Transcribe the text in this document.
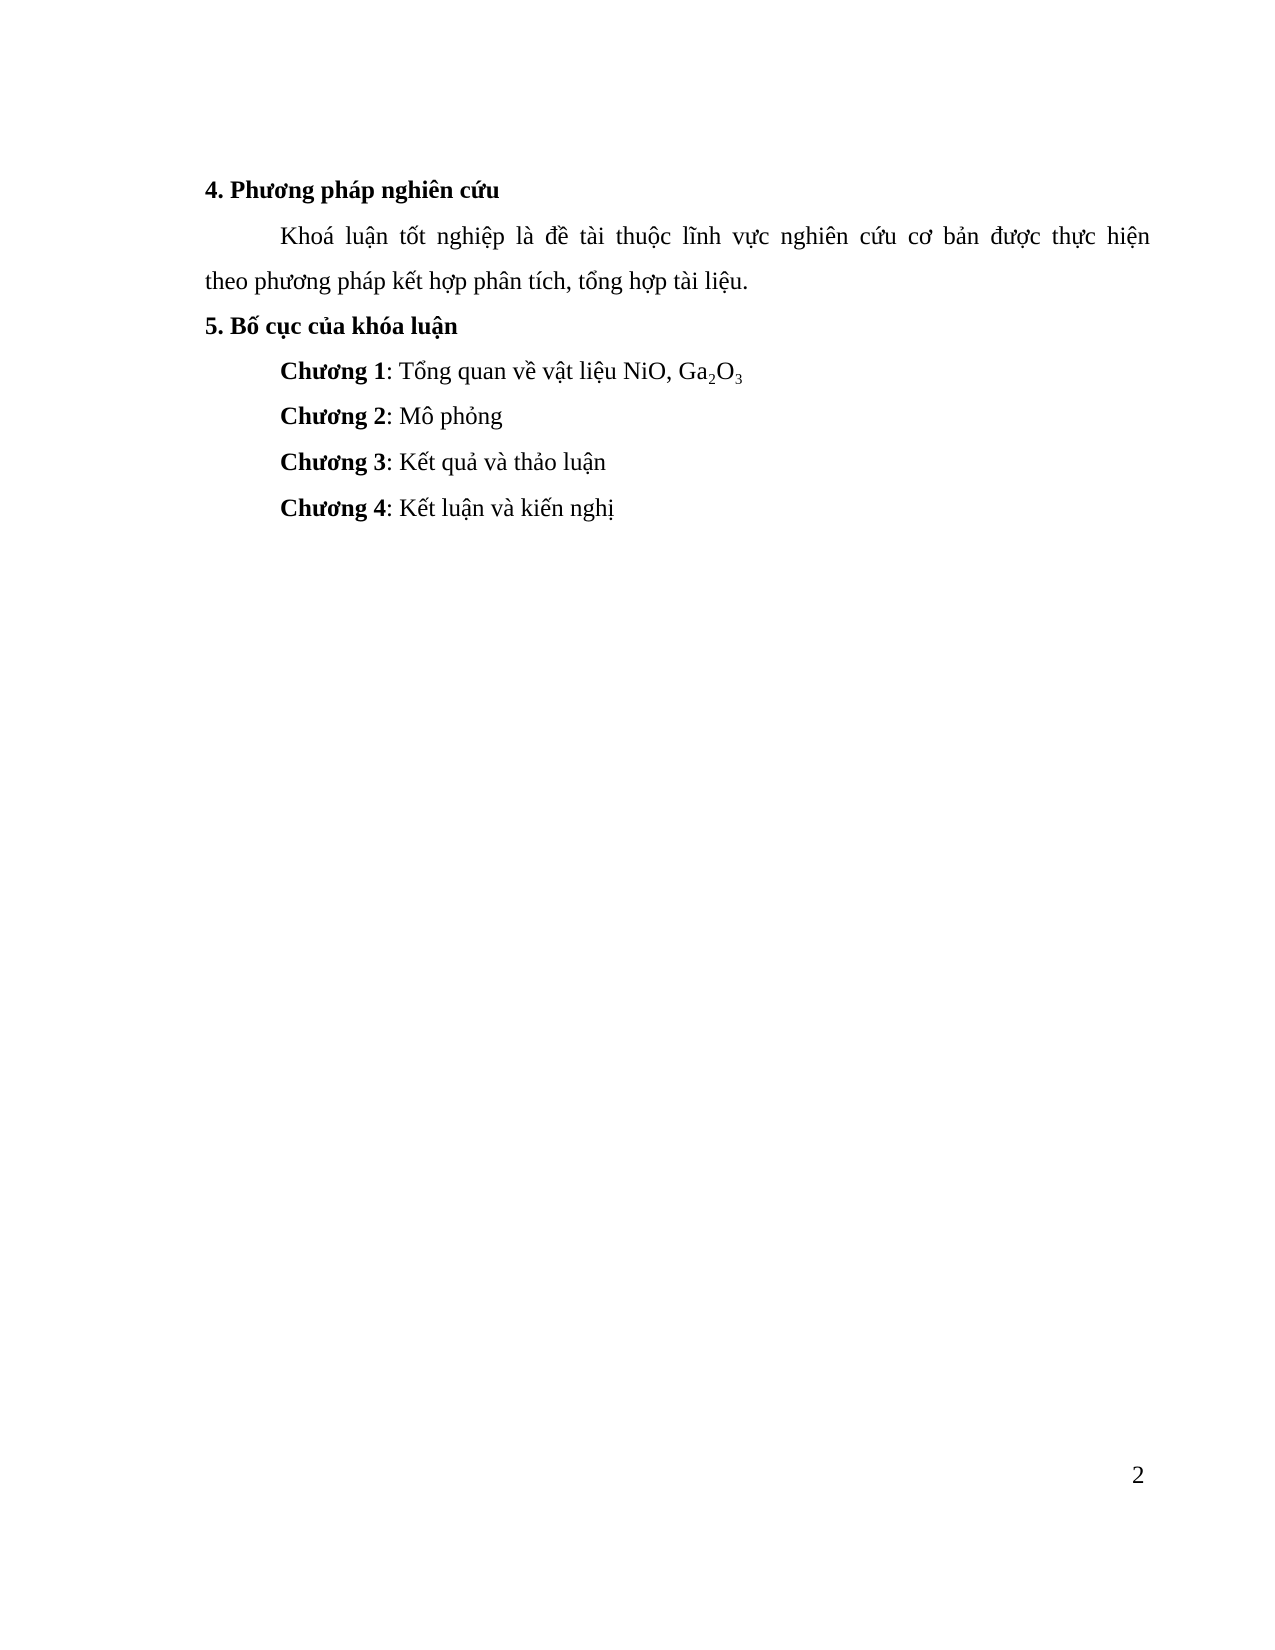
4. Phương pháp nghiên cứu
Khoá luận tốt nghiệp là đề tài thuộc lĩnh vực nghiên cứu cơ bản được thực hiện
theo phương pháp kết hợp phân tích, tổng hợp tài liệu.
5. Bố cục của khóa luận
Chương 1: Tổng quan về vật liệu NiO, Ga₂O₃
Chương 2: Mô phỏng
Chương 3: Kết quả và thảo luận
Chương 4: Kết luận và kiến nghị
2
